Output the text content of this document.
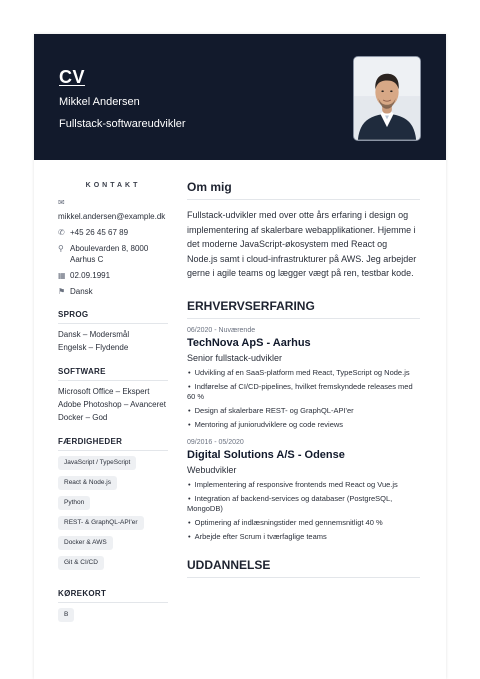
CV
Mikkel Andersen
Fullstack-softwareudvikler
KONTAKT
✉
mikkel.andersen@example.dk
✆ +45 26 45 67 89
⚲ Aboulevarden 8, 8000 Aarhus C
▦ 02.09.1991
⚑ Dansk
SPROG
Dansk – Modersmål
Engelsk – Flydende
SOFTWARE
Microsoft Office – Ekspert
Adobe Photoshop – Avanceret
Docker – God
FÆRDIGHEDER
JavaScript / TypeScript
React & Node.js
Python
REST- & GraphQL-API'er
Docker & AWS
Git & CI/CD
KØREKORT
B
Om mig

Fullstack-udvikler med over otte års erfaring i design og implementering af skalerbare webapplikationer. Hjemme i det moderne JavaScript-økosystem med React og Node.js samt i cloud-infrastrukturer på AWS. Jeg arbejder gerne i agile teams og lægger vægt på ren, testbar kode.

ERHVERVSERFARING
06/2020 - Nuværende
TechNova ApS - Aarhus
Senior fullstack-udvikler
• Udvikling af en SaaS-platform med React, TypeScript og Node.js
• Indførelse af CI/CD-pipelines, hvilket fremskyndede releases med 60 %
• Design af skalerbare REST- og GraphQL-API'er
• Mentoring af juniorudviklere og code reviews
09/2016 - 05/2020
Digital Solutions A/S - Odense
Webudvikler
• Implementering af responsive frontends med React og Vue.js
• Integration af backend-services og databaser (PostgreSQL, MongoDB)
• Optimering af indlæsningstider med gennemsnitligt 40 %
• Arbejde efter Scrum i tværfaglige teams
UDDANNELSE
